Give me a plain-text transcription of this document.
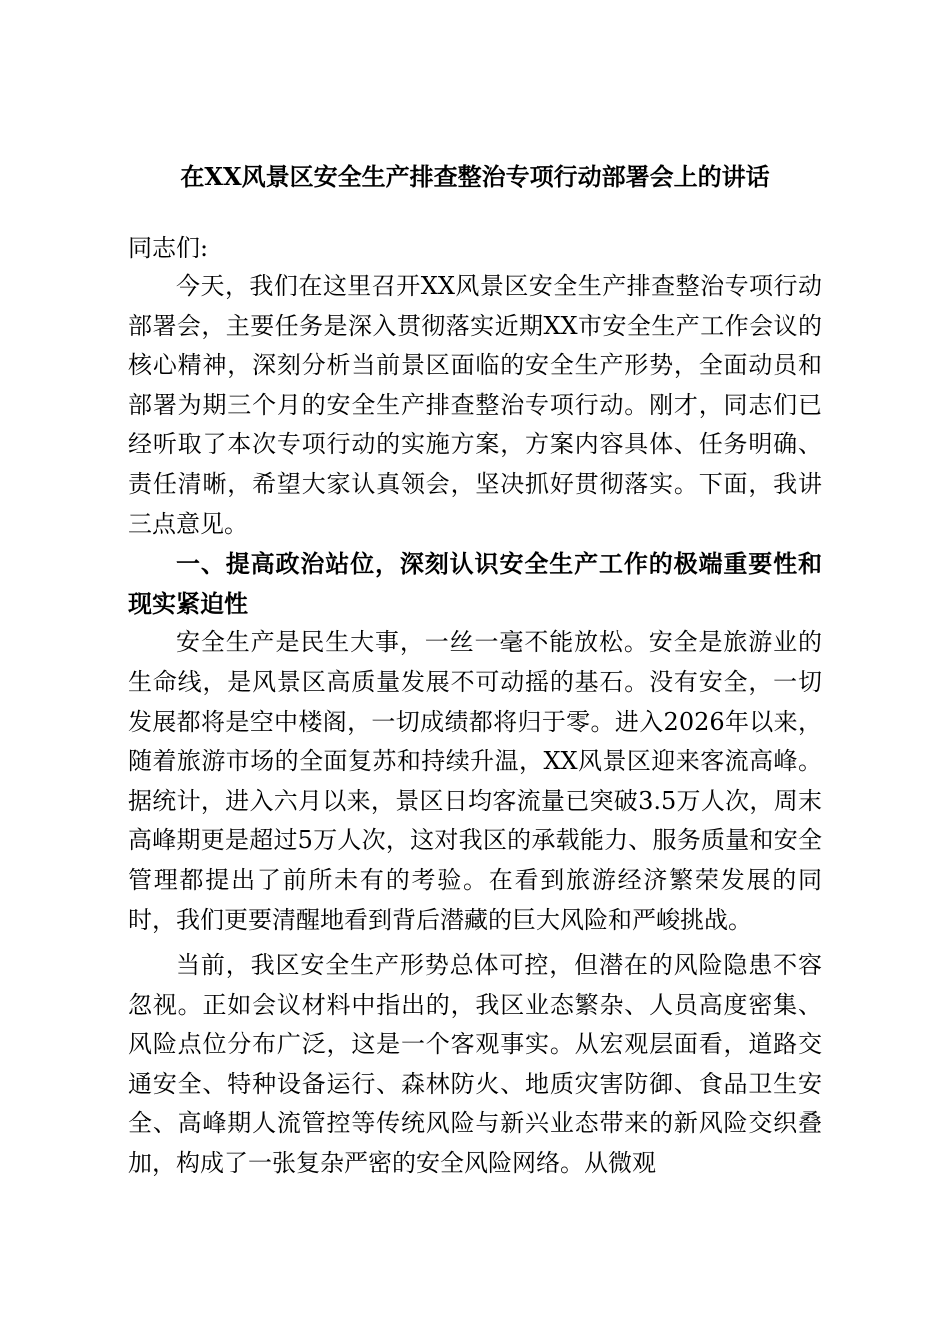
在XX风景区安全生产排查整治专项行动部署会上的讲话

同志们:

今天，我们在这里召开XX风景区安全生产排查整治专项行动部署会，主要任务是深入贯彻落实近期XX市安全生产工作会议的核心精神，深刻分析当前景区面临的安全生产形势，全面动员和部署为期三个月的安全生产排查整治专项行动。刚才，同志们已经听取了本次专项行动的实施方案，方案内容具体、任务明确、责任清晰，希望大家认真领会，坚决抓好贯彻落实。下面，我讲三点意见。

一、提高政治站位，深刻认识安全生产工作的极端重要性和现实紧迫性

安全生产是民生大事，一丝一毫不能放松。安全是旅游业的生命线，是风景区高质量发展不可动摇的基石。没有安全，一切发展都将是空中楼阁，一切成绩都将归于零。进入2026年以来，随着旅游市场的全面复苏和持续升温，XX风景区迎来客流高峰。据统计，进入六月以来，景区日均客流量已突破3.5万人次，周末高峰期更是超过5万人次，这对我区的承载能力、服务质量和安全管理都提出了前所未有的考验。在看到旅游经济繁荣发展的同时，我们更要清醒地看到背后潜藏的巨大风险和严峻挑战。

当前，我区安全生产形势总体可控，但潜在的风险隐患不容忽视。正如会议材料中指出的，我区业态繁杂、人员高度密集、风险点位分布广泛，这是一个客观事实。从宏观层面看，道路交通安全、特种设备运行、森林防火、地质灾害防御、食品卫生安全、高峰期人流管控等传统风险与新兴业态带来的新风险交织叠加，构成了一张复杂严密的安全风险网络。从微观
